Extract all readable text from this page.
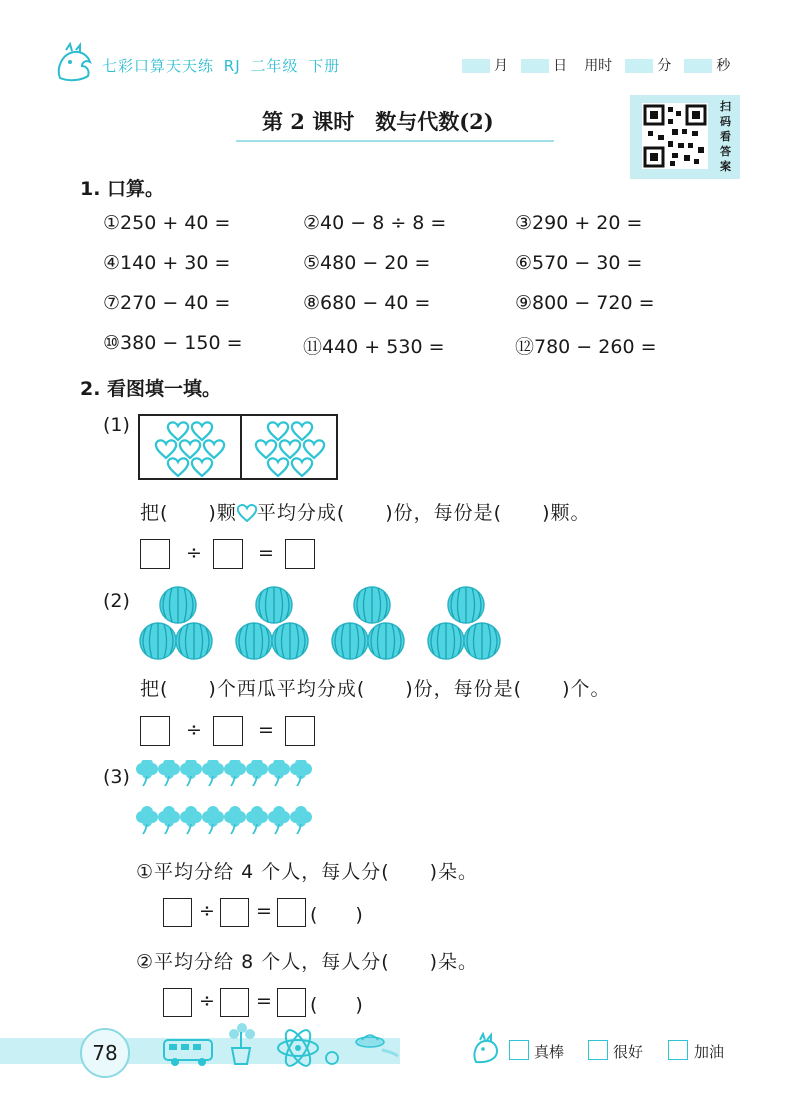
七彩口算天天练 RJ 二年级 下册	月	日 用时	分	秒
第 2 课时　数与代数(2)
扫
码
看
答
案
1. 口算。
①250 + 40 =	②40 − 8 ÷ 8 =	③290 + 20 =
④140 + 30 =	⑤480 − 20 =	⑥570 − 30 =
⑦270 − 40 =	⑧680 − 40 =	⑨800 − 720 =
⑩380 − 150 =	⑪440 + 530 =	⑫780 − 260 =
2. 看图填一填。
(1)
把(　　)颗 平均分成(　　)份，每份是(　　)颗。
÷	=
(2)
把(　　)个西瓜平均分成(　　)份，每份是(　　)个。
÷	=
(3)
①平均分给 4 个人，每人分(　　)朵。
÷ = (　　)
②平均分给 8 个人，每人分(　　)朵。
÷ = (　　)
78	真棒	很好	加油
